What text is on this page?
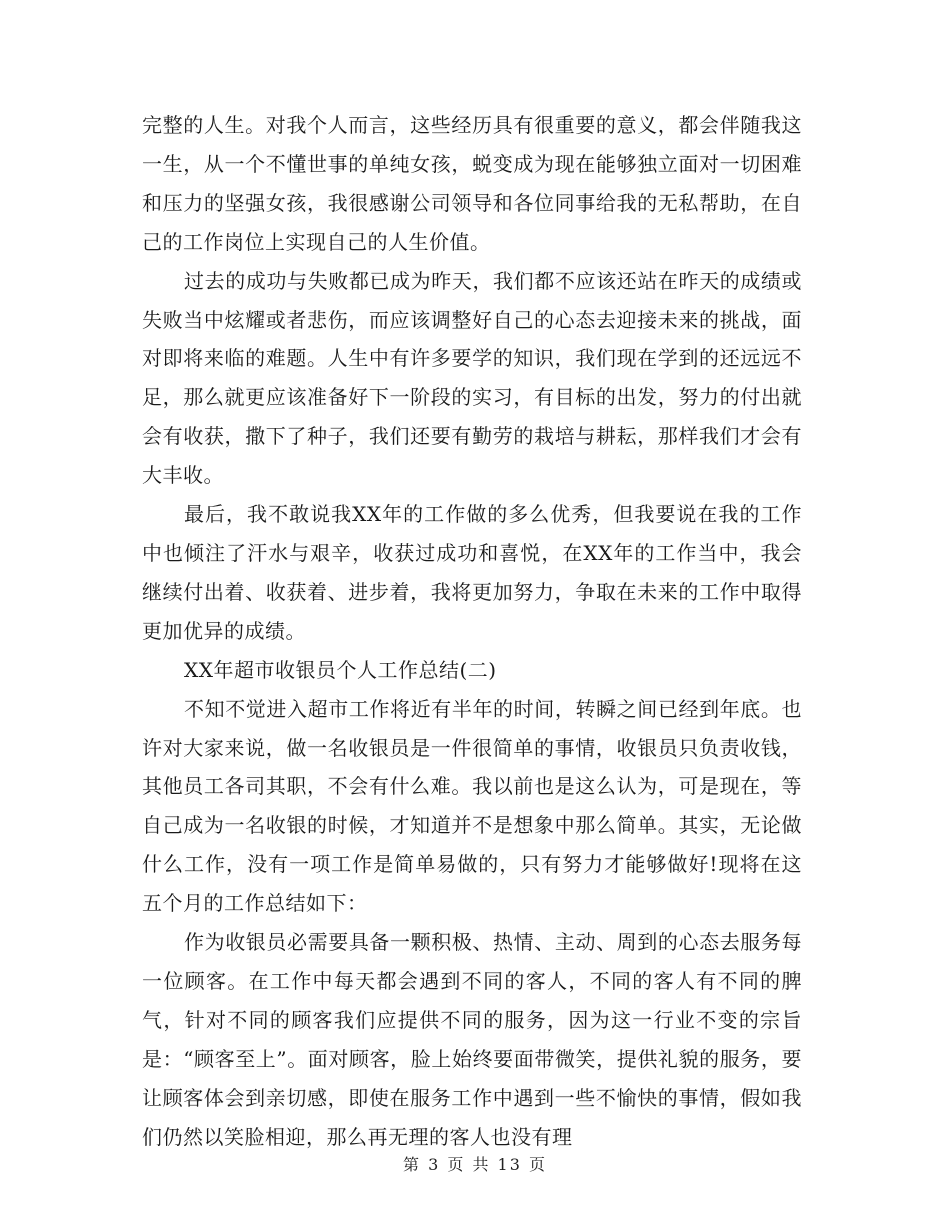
完整的人生。对我个人而言，这些经历具有很重要的意义，都会伴随我这一生，从一个不懂世事的单纯女孩，蜕变成为现在能够独立面对一切困难和压力的坚强女孩，我很感谢公司领导和各位同事给我的无私帮助，在自己的工作岗位上实现自己的人生价值。

过去的成功与失败都已成为昨天，我们都不应该还站在昨天的成绩或失败当中炫耀或者悲伤，而应该调整好自己的心态去迎接未来的挑战，面对即将来临的难题。人生中有许多要学的知识，我们现在学到的还远远不足，那么就更应该准备好下一阶段的实习，有目标的出发，努力的付出就会有收获，撒下了种子，我们还要有勤劳的栽培与耕耘，那样我们才会有大丰收。

最后，我不敢说我XX年的工作做的多么优秀，但我要说在我的工作中也倾注了汗水与艰辛，收获过成功和喜悦，在XX年的工作当中，我会继续付出着、收获着、进步着，我将更加努力，争取在未来的工作中取得更加优异的成绩。

XX年超市收银员个人工作总结(二)

不知不觉进入超市工作将近有半年的时间，转瞬之间已经到年底。也许对大家来说，做一名收银员是一件很简单的事情，收银员只负责收钱，其他员工各司其职，不会有什么难。我以前也是这么认为，可是现在，等自己成为一名收银的时候，才知道并不是想象中那么简单。其实，无论做什么工作，没有一项工作是简单易做的，只有努力才能够做好!现将在这五个月的工作总结如下：

作为收银员必需要具备一颗积极、热情、主动、周到的心态去服务每一位顾客。在工作中每天都会遇到不同的客人，不同的客人有不同的脾气，针对不同的顾客我们应提供不同的服务，因为这一行业不变的宗旨是：“顾客至上”。面对顾客，脸上始终要面带微笑，提供礼貌的服务，要让顾客体会到亲切感，即使在服务工作中遇到一些不愉快的事情，假如我们仍然以笑脸相迎，那么再无理的客人也没有理

第 3 页 共 13 页
